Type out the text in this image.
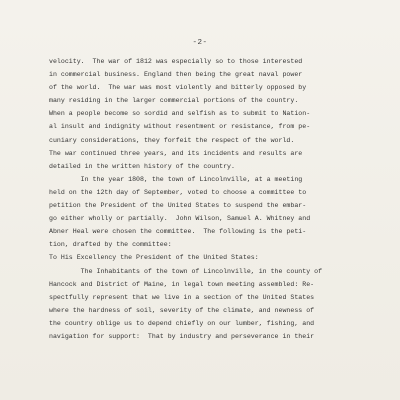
-2-
velocity.  The war of 1812 was especially so to those interested
in commercial business. England then being the great naval power
of the world.  The war was most violently and bitterly opposed by
many residing in the larger commercial portions of the country.
When a people become so sordid and selfish as to submit to Nation-
al insult and indignity without resentment or resistance, from pe-
cuniary considerations, they forfeit the respect of the world.
The war continued three years, and its incidents and results are
detailed in the written history of the country.
In the year 1808, the town of Lincolnville, at a meeting
held on the 12th day of September, voted to choose a committee to
petition the President of the United States to suspend the embar-
go either wholly or partially.  John Wilson, Samuel A. Whitney and
Abner Heal were chosen the committee.  The following is the peti-
tion, drafted by the committee:
To His Excellency the President of the United States:
The Inhabitants of the town of Lincolnville, in the county of
Hancock and District of Maine, in legal town meeting assembled: Re-
spectfully represent that we live in a section of the United States
where the hardness of soil, severity of the climate, and newness of
the country oblige us to depend chiefly on our lumber, fishing, and
navigation for support:  That by industry and perseverance in their
